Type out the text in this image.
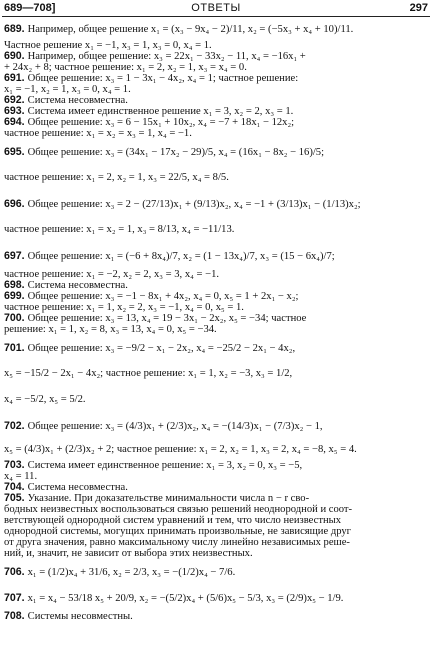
689—708]	ОТВЕТЫ	297
689. Например, общее решение x₁ = (x₃ − 9x₄ − 2)/11, x₂ = (−5x₃ + x₄ + 10)/11.
Частное решение x₁ = −1, x₃ = 1, x₃ = 0, x₄ = 1.
690. Например, общее решение: x₃ = 22x₁ − 33x₂ − 11, x₄ = −16x₁ +
+ 24x₂ + 8; частное решение: x₁ = 2, x₂ = 1, x₃ = x₄ = 0.
691. Общее решение: x₃ = 1 − 3x₁ − 4x₂, x₄ = 1; частное решение:
x₁ = −1, x₂ = 1, x₃ = 0, x₄ = 1.
692. Система несовместна.
693. Система имеет единственное решение x₁ = 3, x₂ = 2, x₃ = 1.
694. Общее решение: x₃ = 6 − 15x₁ + 10x₂, x₄ = −7 + 18x₁ − 12x₂;
частное решение: x₁ = x₂ = x₃ = 1, x₄ = −1.
695. Общее решение: x₃ = (34x₁ − 17x₂ − 29)/5, x₄ = (16x₁ − 8x₂ − 16)/5;
частное решение: x₁ = 2, x₂ = 1, x₃ = 22/5, x₄ = 8/5.
696. Общее решение: x₃ = 2 − (27/13)x₁ + (9/13)x₂, x₄ = −1 + (3/13)x₁ − (1/13)x₂;
частное решение: x₁ = x₂ = 1, x₃ = 8/13, x₄ = −11/13.
697. Общее решение: x₁ = (−6 + 8x₄)/7, x₂ = (1 − 13x₄)/7, x₃ = (15 − 6x₄)/7;
частное решение: x₁ = −2, x₂ = 2, x₃ = 3, x₄ = −1.
698. Система несовместна.
699. Общее решение: x₃ = −1 − 8x₁ + 4x₂, x₄ = 0, x₅ = 1 + 2x₁ − x₂;
частное решение: x₁ = 1, x₂ = 2, x₃ = −1, x₄ = 0, x₅ = 1.
700. Общее решение: x₃ = 13, x₄ = 19 − 3x₁ − 2x₂, x₅ = −34; частное
решение: x₁ = 1, x₂ = 8, x₃ = 13, x₄ = 0, x₅ = −34.
701. Общее решение: x₃ = −9/2 − x₁ − 2x₂, x₄ = −25/2 − 2x₁ − 4x₂,
x₅ = −15/2 − 2x₁ − 4x₂; частное решение: x₁ = 1, x₂ = −3, x₃ = 1/2,
x₄ = −5/2, x₅ = 5/2.
702. Общее решение: x₃ = (4/3)x₁ + (2/3)x₂, x₄ = −(14/3)x₁ − (7/3)x₂ − 1,
x₅ = (4/3)x₁ + (2/3)x₂ + 2; частное решение: x₁ = 2, x₂ = 1, x₃ = 2, x₄ = −8, x₅ = 4.
703. Система имеет единственное решение: x₁ = 3, x₂ = 0, x₃ = −5,
x₄ = 11.
704. Система несовместна.
705. Указание. При доказательстве минимальности числа n − r сво-
бодных неизвестных воспользоваться связью решений неоднородной и соот-
ветствующей однородной систем уравнений и тем, что число неизвестных
однородной системы, могущих принимать произвольные, не зависящие друг
от друга значения, равно максимальному числу линейно независимых реше-
ний, и, значит, не зависит от выбора этих неизвестных.
706. x₁ = (1/2)x₄ + 31/6, x₂ = 2/3, x₃ = −(1/2)x₄ − 7/6.
707. x₁ = x₄ − 53/18 x₅ + 20/9, x₂ = −(5/2)x₄ + (5/6)x₅ − 5/3, x₃ = (2/9)x₅ − 1/9.
708. Системы несовместны.
